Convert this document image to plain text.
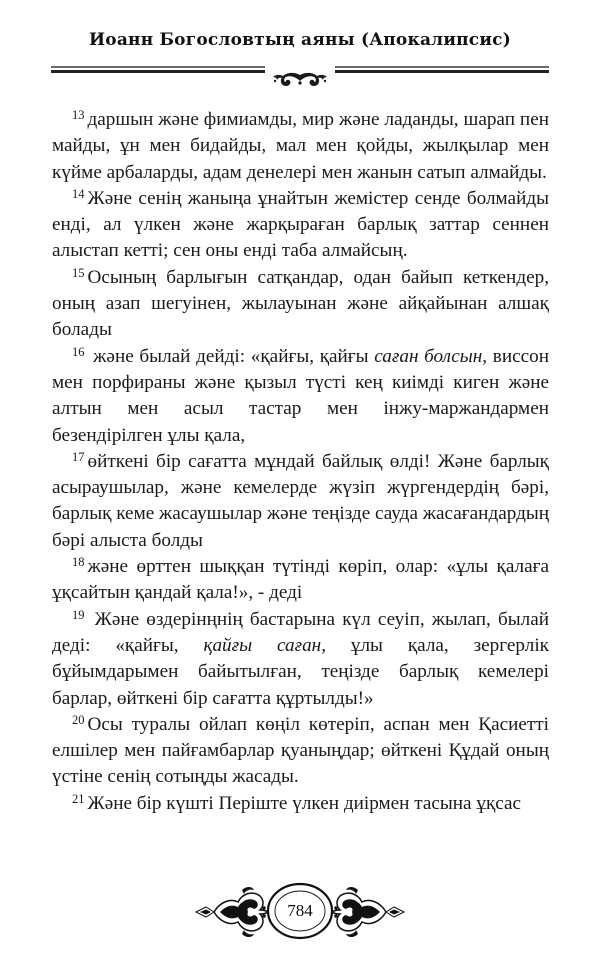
Иоанн Богословтың аяны (Апокалипсис)

$^{13}$ даршын және фимиамды, мир және ладанды, шарап пен майды, ұн мен бидайды, мал мен қойды, жылқылар мен күйме арбаларды, адам денелері мен жанын сатып алмайды.

$^{14}$ Және сенің жаныңа ұнайтын жемістер сенде болмайды енді, ал үлкен және жарқыраған барлық заттар сеннен алыстап кетті; сен оны енді таба алмайсың.

$^{15}$ Осының барлығын сатқандар, одан байып кеткендер, оның азап шегуінен, жылауынан және айқайынан алшақ болады

$^{16}$ және былай дейді: «қайғы, қайғы саған болсын, виссон мен порфираны және қызыл түсті кең киімді киген және алтын мен асыл тастар мен інжу-маржандармен безендірілген ұлы қала,

$^{17}$ өйткені бір сағатта мұндай байлық өлді! Және барлық асыраушылар, және кемелерде жүзіп жүргендердің бәрі, барлық кеме жасаушылар және теңізде сауда жасағандардың бәрі алыста болды

$^{18}$ және өрттен шыққан түтінді көріп, олар: «ұлы қалаға ұқсайтын қандай қала!», - деді

$^{19}$ Және өздерінңнің бастарына күл сеуіп, жылап, былай деді: «қайғы, қайғы саған, ұлы қала, зергерлік бұйымдарымен байытылған, теңізде барлық кемелері барлар, өйткені бір сағатта құртылды!»

$^{20}$ Осы туралы ойлап көңіл көтеріп, аспан мен Қасиетті елшілер мен пайғамбарлар қуаныңдар; өйткені Құдай оның үстіне сенің сотыңды жасады.

$^{21}$ Және бір күшті Періште үлкен диірмен тасына ұқсас

784
